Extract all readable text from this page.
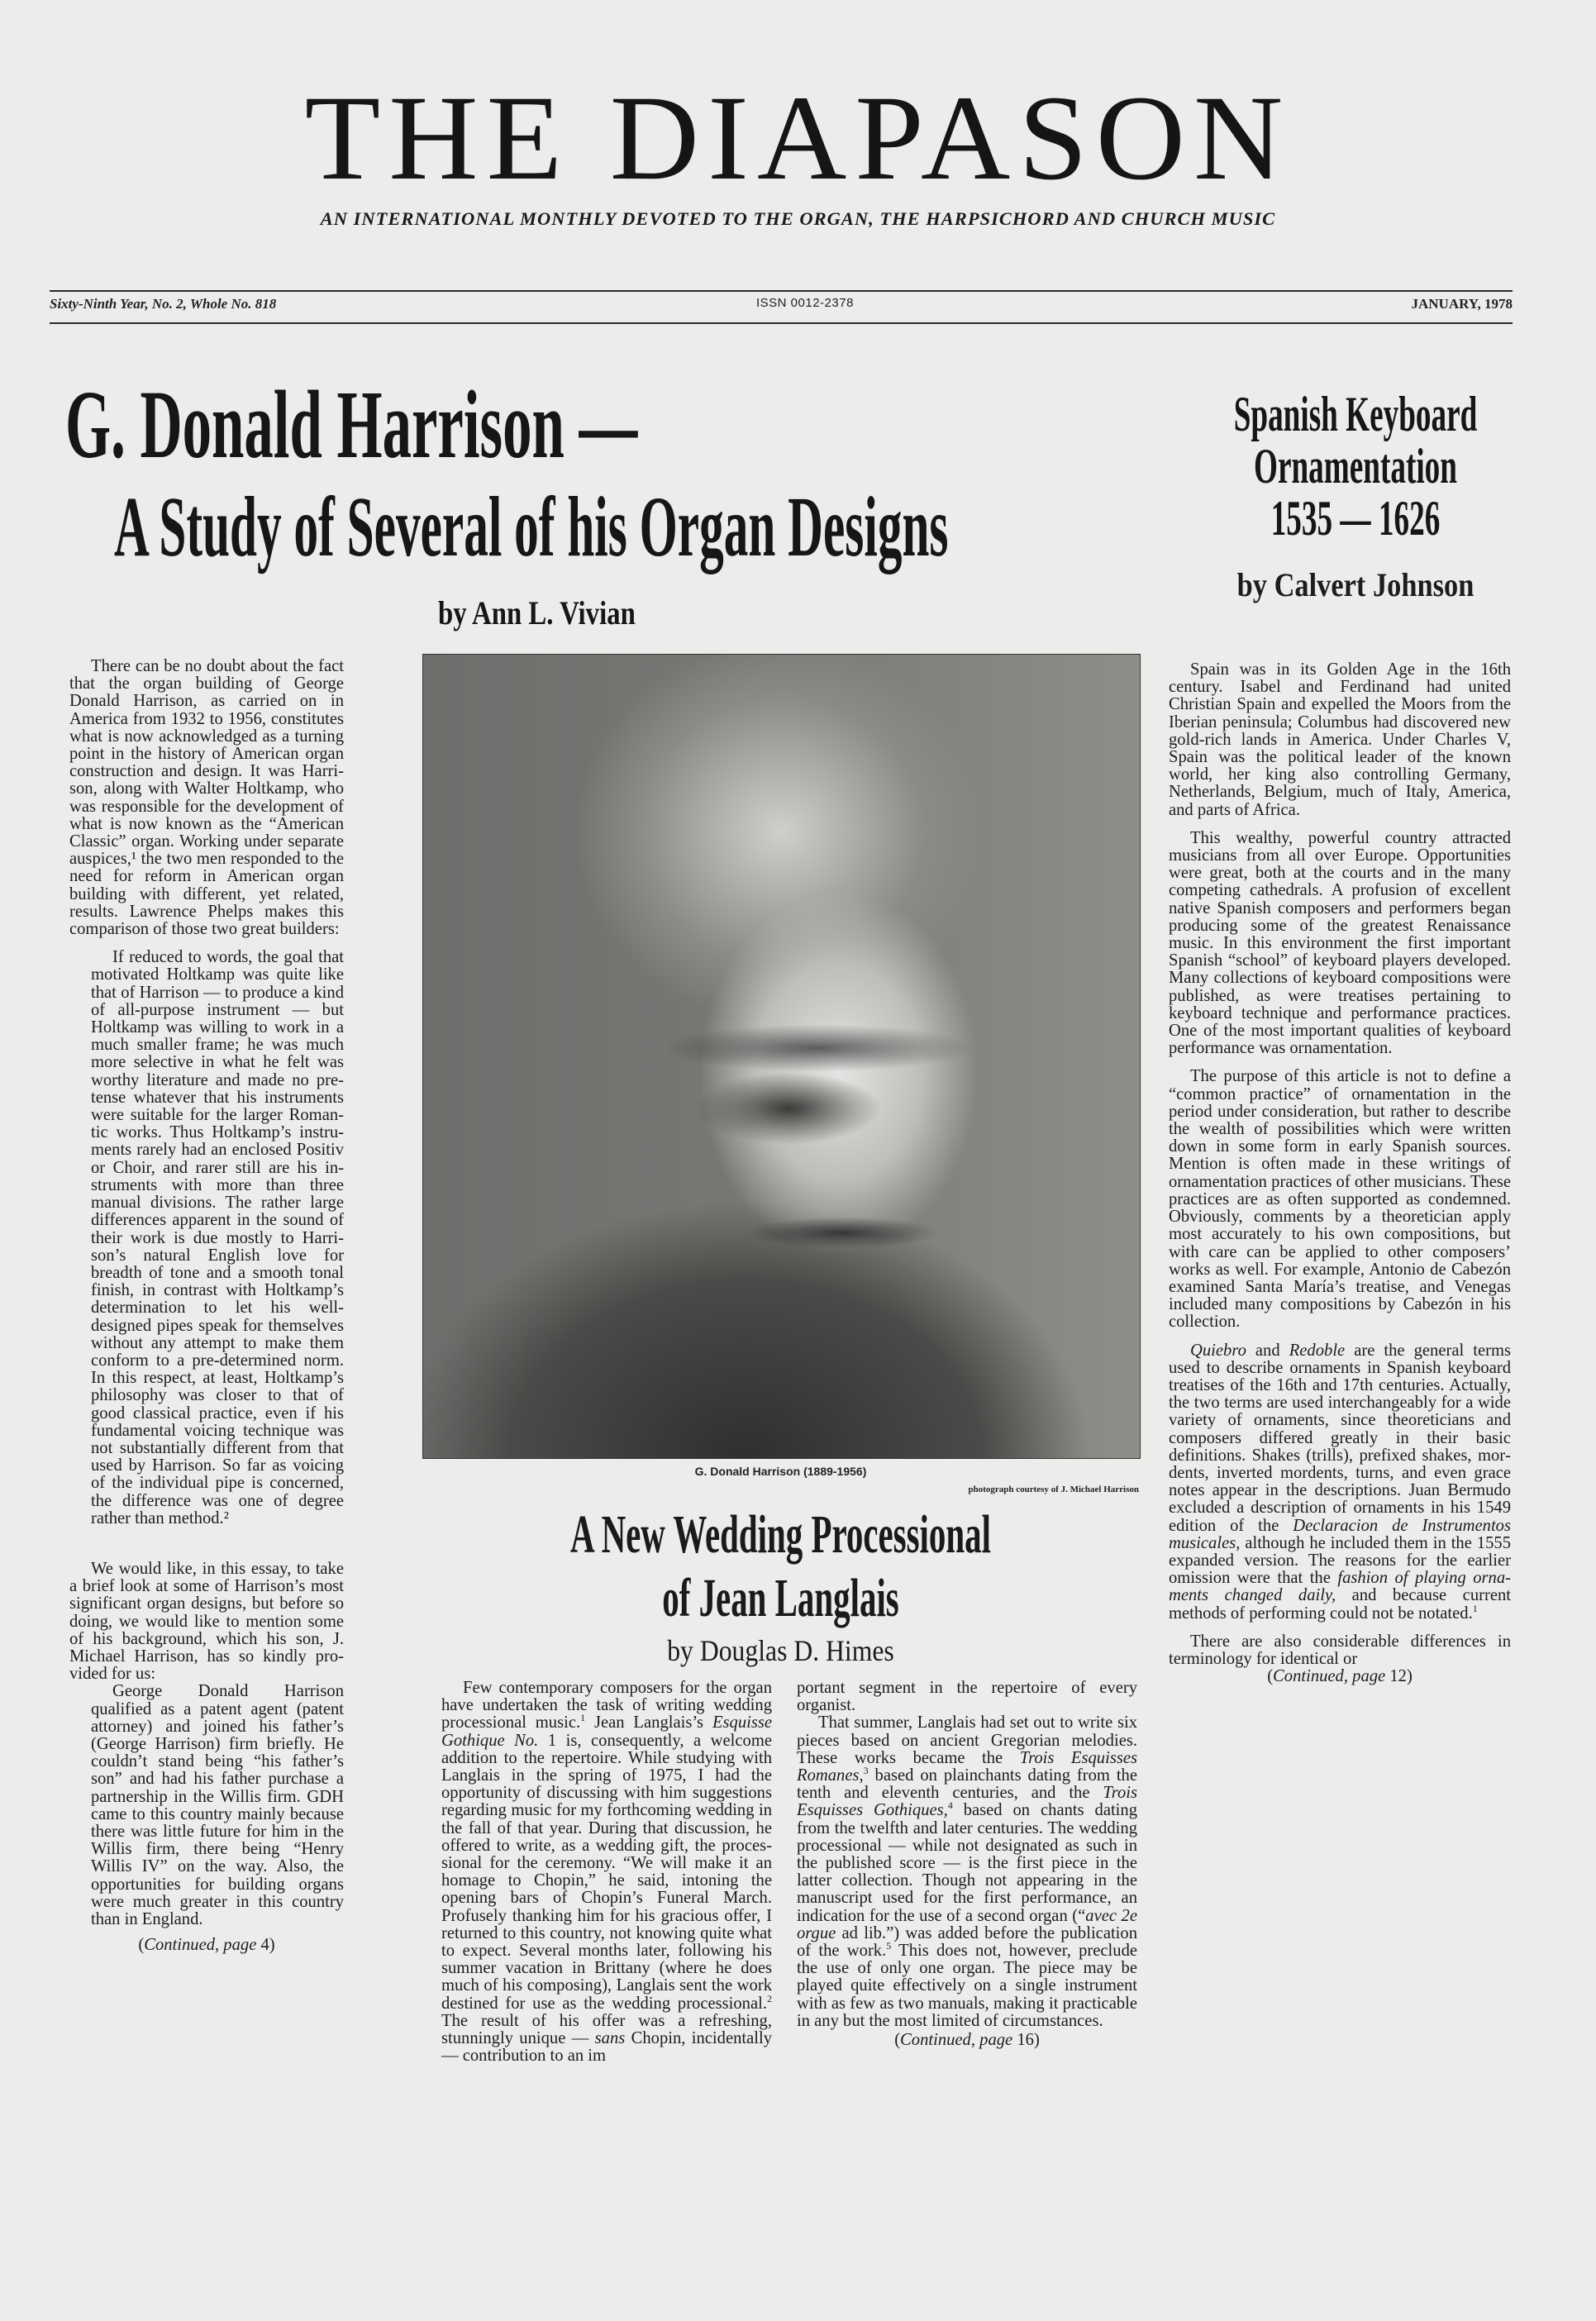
THE DIAPASON
AN INTERNATIONAL MONTHLY DEVOTED TO THE ORGAN, THE HARPSICHORD AND CHURCH MUSIC
Sixty-Ninth Year, No. 2, Whole No. 818	ISSN 0012-2378	JANUARY, 1978
G. Donald Harrison —
A Study of Several of his Organ Designs
by Ann L. Vivian
Spanish Keyboard
Ornamentation
1535 — 1626
by Calvert Johnson
G. Donald Harrison (1889-1956)
photograph courtesy of J. Michael Harrison
A New Wedding Processional
of Jean Langlais
by Douglas D. Himes

There can be no doubt about the fact that the organ building of George Donald Harrison, as carried on in America from 1932 to 1956, constitutes what is now acknowledged as a turning point in the history of American organ construction and design. It was Harrison, along with Walter Holtkamp, who was responsible for the development of what is now known as the “American Classic” organ. Working under separate auspices,¹ the two men responded to the need for reform in American organ building with different, yet related, results. Lawrence Phelps makes this comparison of those two great builders:

If reduced to words, the goal that motivated Holtkamp was quite like that of Harrison — to produce a kind of all-purpose instrument — but Holtkamp was willing to work in a much smaller frame; he was much more selective in what he felt was worthy literature and made no pretense whatever that his instruments were suitable for the larger Romantic works. Thus Holtkamp’s instruments rarely had an enclosed Positiv or Choir, and rarer still are his instruments with more than three manual divisions. The rather large differences apparent in the sound of their work is due mostly to Harrison’s natural English love for breadth of tone and a smooth tonal finish, in contrast with Holtkamp’s determination to let his well-designed pipes speak for themselves without any attempt to make them conform to a pre-determined norm. In this respect, at least, Holtkamp’s philosophy was closer to that of good classical practice, even if his fundamental voicing technique was not substantially different from that used by Harrison. So far as voicing of the individual pipe is concerned, the difference was one of degree rather than method.²

We would like, in this essay, to take a brief look at some of Harrison’s most significant organ designs, but before so doing, we would like to mention some of his background, which his son, J. Michael Harrison, has so kindly provided for us:

George Donald Harrison qualified as a patent agent (patent attorney) and joined his father’s (George Harrison) firm briefly. He couldn’t stand being “his father’s son” and had his father purchase a partnership in the Willis firm. GDH came to this country mainly because there was little future for him in the Willis firm, there being “Henry Willis IV” on the way. Also, the opportunities for building organs were much greater in this country than in England.

(Continued, page 4)

Few contemporary composers for the organ have undertaken the task of writing wedding processional music.$^1$ Jean Langlais’s Esquisse Gothique No. 1 is, consequently, a welcome addition to the repertoire. While studying with Langlais in the spring of 1975, I had the opportunity of discussing with him suggestions regarding music for my forthcoming wedding in the fall of that year. During that discussion, he offered to write, as a wedding gift, the processional for the ceremony. “We will make it an homage to Chopin,” he said, intoning the opening bars of Chopin’s Funeral March. Profusely thanking him for his gracious offer, I returned to this country, not knowing quite what to expect. Several months later, following his summer vacation in Brittany (where he does much of his composing), Langlais sent the work destined for use as the wedding processional.$^2$ The result of his offer was a refreshing, stunningly unique — sans Chopin, incidentally — contribution to an im

portant segment in the repertoire of every organist.

That summer, Langlais had set out to write six pieces based on ancient Gregorian melodies. These works became the Trois Esquisses Romanes,$^3$ based on plainchants dating from the tenth and eleventh centuries, and the Trois Esquisses Gothiques,$^4$ based on chants dating from the twelfth and later centuries. The wedding processional — while not designated as such in the published score — is the first piece in the latter collection. Though not appearing in the manuscript used for the first performance, an indication for the use of a second organ (“avec 2e orgue ad lib.”) was added before the publication of the work.$^5$ This does not, however, preclude the use of only one organ. The piece may be played quite effectively on a single instrument with as few as two manuals, making it practicable in any but the most limited of circumstances.

(Continued, page 16)

Spain was in its Golden Age in the 16th century. Isabel and Ferdinand had united Christian Spain and expelled the Moors from the Iberian peninsula; Columbus had discovered new gold-rich lands in America. Under Charles V, Spain was the political leader of the known world, her king also controlling Germany, Netherlands, Belgium, much of Italy, America, and parts of Africa.

This wealthy, powerful country attracted musicians from all over Europe. Opportunities were great, both at the courts and in the many competing cathedrals. A profusion of excellent native Spanish composers and performers began producing some of the greatest Renaissance music. In this environment the first important Spanish “school” of keyboard players developed. Many collections of keyboard compositions were published, as were treatises pertaining to keyboard technique and performance practices. One of the most important qualities of keyboard performance was ornamentation.

The purpose of this article is not to define a “common practice” of ornamentation in the period under consideration, but rather to describe the wealth of possibilities which were written down in some form in early Spanish sources. Mention is often made in these writings of ornamentation practices of other musicians. These practices are as often supported as condemned. Obviously, comments by a theoretician apply most accurately to his own compositions, but with care can be applied to other composers’ works as well. For example, Antonio de Cabezón examined Santa María’s treatise, and Venegas included many compositions by Cabezón in his collection.

Quiebro and Redoble are the general terms used to describe ornaments in Spanish keyboard treatises of the 16th and 17th centuries. Actually, the two terms are used interchangeably for a wide variety of ornaments, since theoreticians and composers differed greatly in their basic definitions. Shakes (trills), prefixed shakes, mordents, inverted mordents, turns, and even grace notes appear in the descriptions. Juan Bermudo excluded a description of ornaments in his 1549 edition of the Declaracion de Instrumentos musicales, although he included them in the 1555 expanded version. The reasons for the earlier omission were that the fashion of playing ornaments changed daily, and because current methods of performing could not be notated.$^1$

There are also considerable differences in terminology for identical or

(Continued, page 12)
